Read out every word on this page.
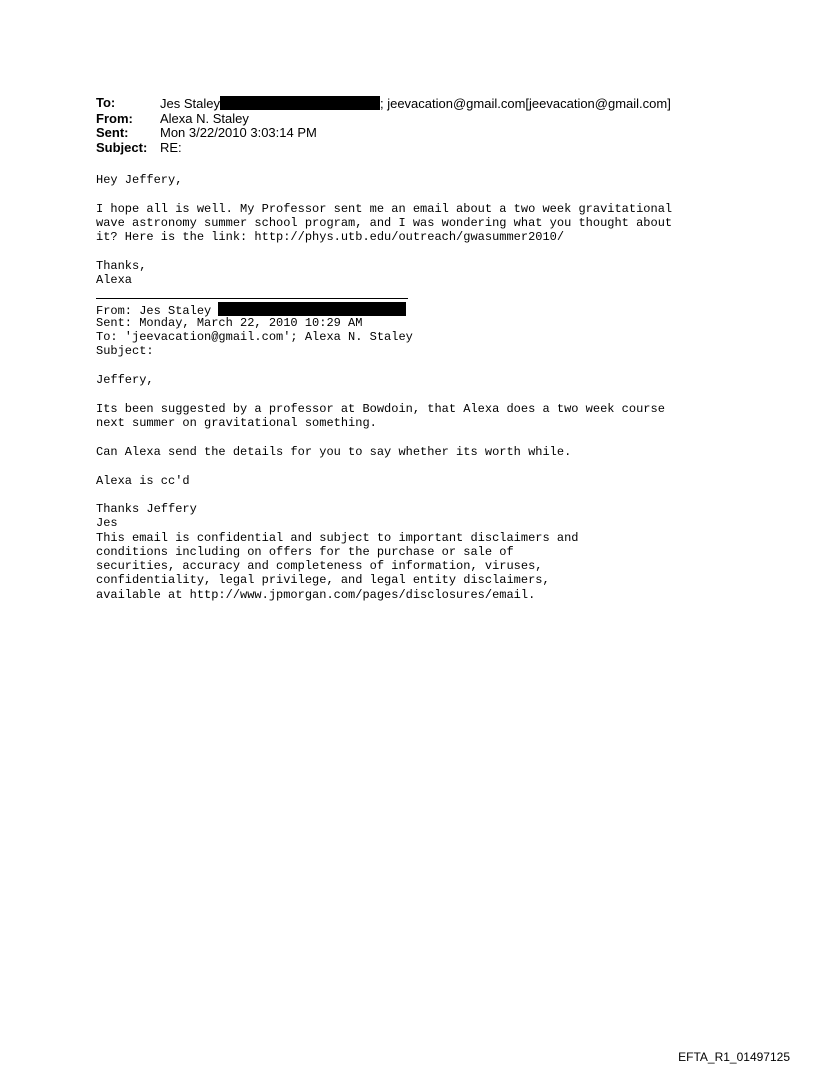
To:	Jes Staley	; jeevacation@gmail.com[jeevacation@gmail.com]
From:	Alexa N. Staley
Sent:	Mon 3/22/2010 3:03:14 PM
Subject: RE:
Hey Jeffery,
I hope all is well. My Professor sent me an email about a two week gravitational
wave astronomy summer school program, and I was wondering what you thought about
it? Here is the link: http://phys.utb.edu/outreach/gwasummer2010/
Thanks,
Alexa
From: Jes Staley
Sent: Monday, March 22, 2010 10:29 AM
To: 'jeevacation@gmail.com'; Alexa N. Staley
Subject:
Jeffery,
Its been suggested by a professor at Bowdoin, that Alexa does a two week course
next summer on gravitational something.
Can Alexa send the details for you to say whether its worth while.
Alexa is cc'd
Thanks Jeffery
Jes
This email is confidential and subject to important disclaimers and
conditions including on offers for the purchase or sale of
securities, accuracy and completeness of information, viruses,
confidentiality, legal privilege, and legal entity disclaimers,
available at http://www.jpmorgan.com/pages/disclosures/email.
EFTA_R1_01497125
